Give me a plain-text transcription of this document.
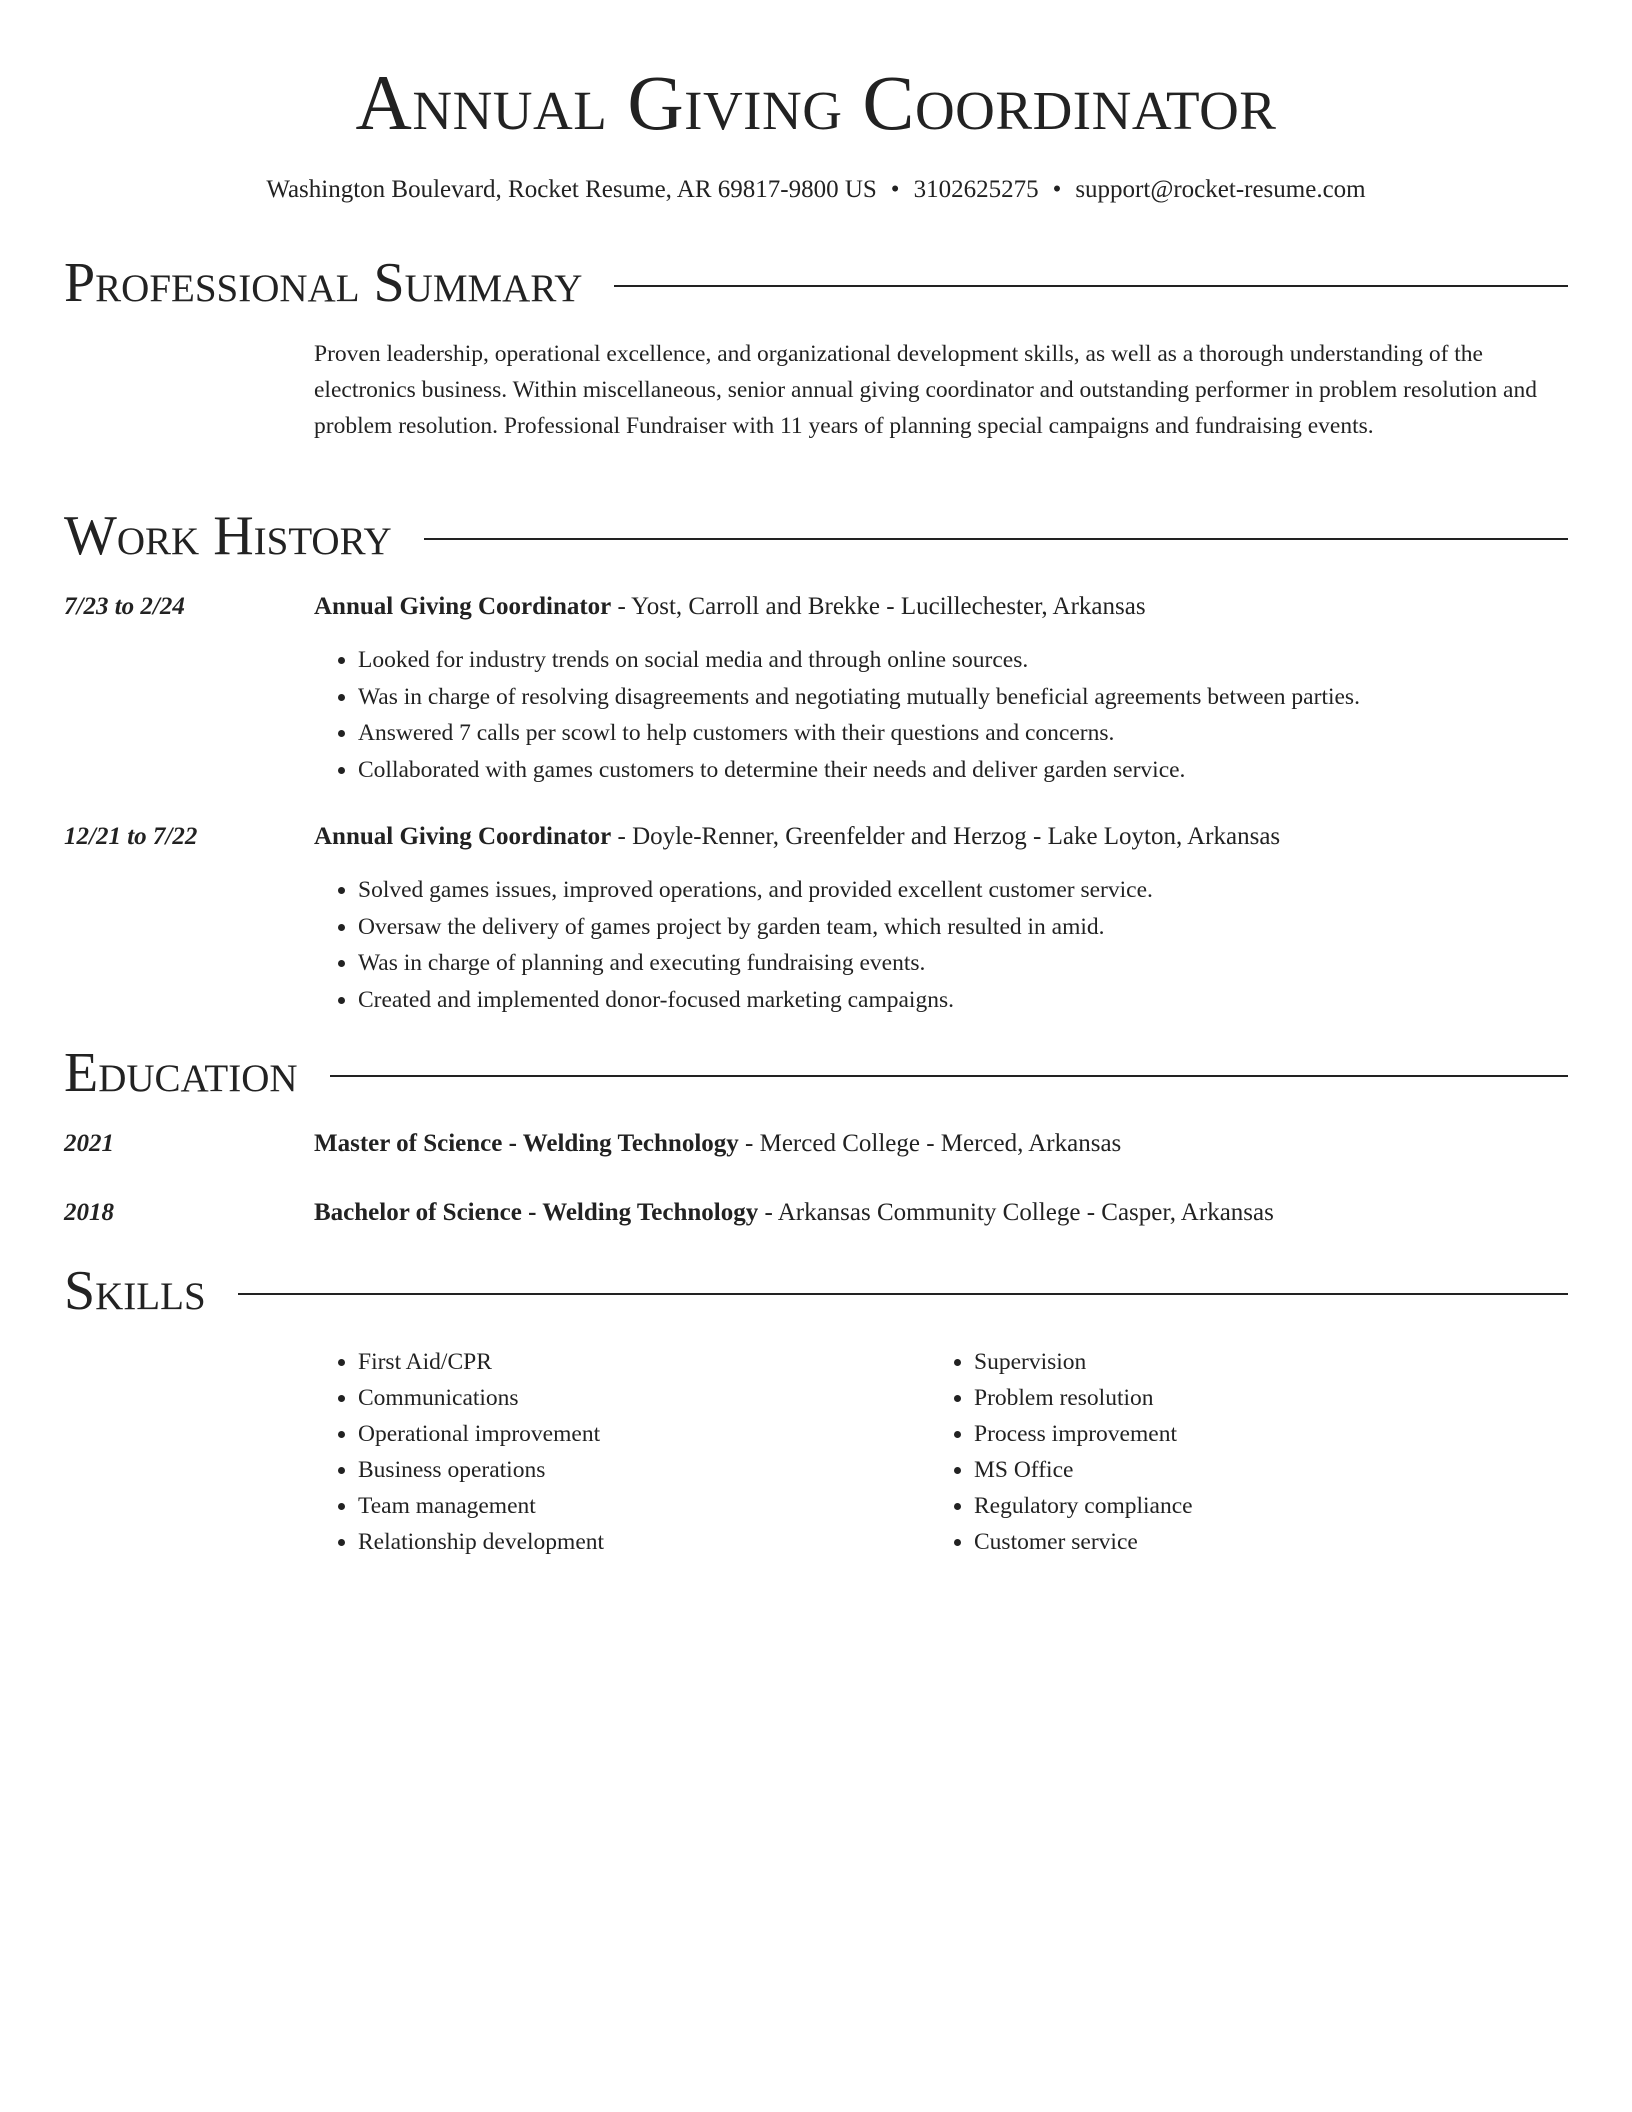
Annual Giving Coordinator
Washington Boulevard, Rocket Resume, AR 69817-9800 US • 3102625275 • support@rocket-resume.com
Professional Summary
Proven leadership, operational excellence, and organizational development skills, as well as a thorough understanding of the electronics business. Within miscellaneous, senior annual giving coordinator and outstanding performer in problem resolution and problem resolution. Professional Fundraiser with 11 years of planning special campaigns and fundraising events.
Work History
7/23 to 2/24	Annual Giving Coordinator - Yost, Carroll and Brekke - Lucillechester, Arkansas
• Looked for industry trends on social media and through online sources.
• Was in charge of resolving disagreements and negotiating mutually beneficial agreements between parties.
• Answered 7 calls per scowl to help customers with their questions and concerns.
• Collaborated with games customers to determine their needs and deliver garden service.
12/21 to 7/22	Annual Giving Coordinator - Doyle-Renner, Greenfelder and Herzog - Lake Loyton, Arkansas
• Solved games issues, improved operations, and provided excellent customer service.
• Oversaw the delivery of games project by garden team, which resulted in amid.
• Was in charge of planning and executing fundraising events.
• Created and implemented donor-focused marketing campaigns.
Education
2021	Master of Science - Welding Technology - Merced College - Merced, Arkansas
2018	Bachelor of Science - Welding Technology - Arkansas Community College - Casper, Arkansas
Skills
• First Aid/CPR
• Communications
• Operational improvement
• Business operations
• Team management
• Relationship development
• Supervision
• Problem resolution
• Process improvement
• MS Office
• Regulatory compliance
• Customer service
